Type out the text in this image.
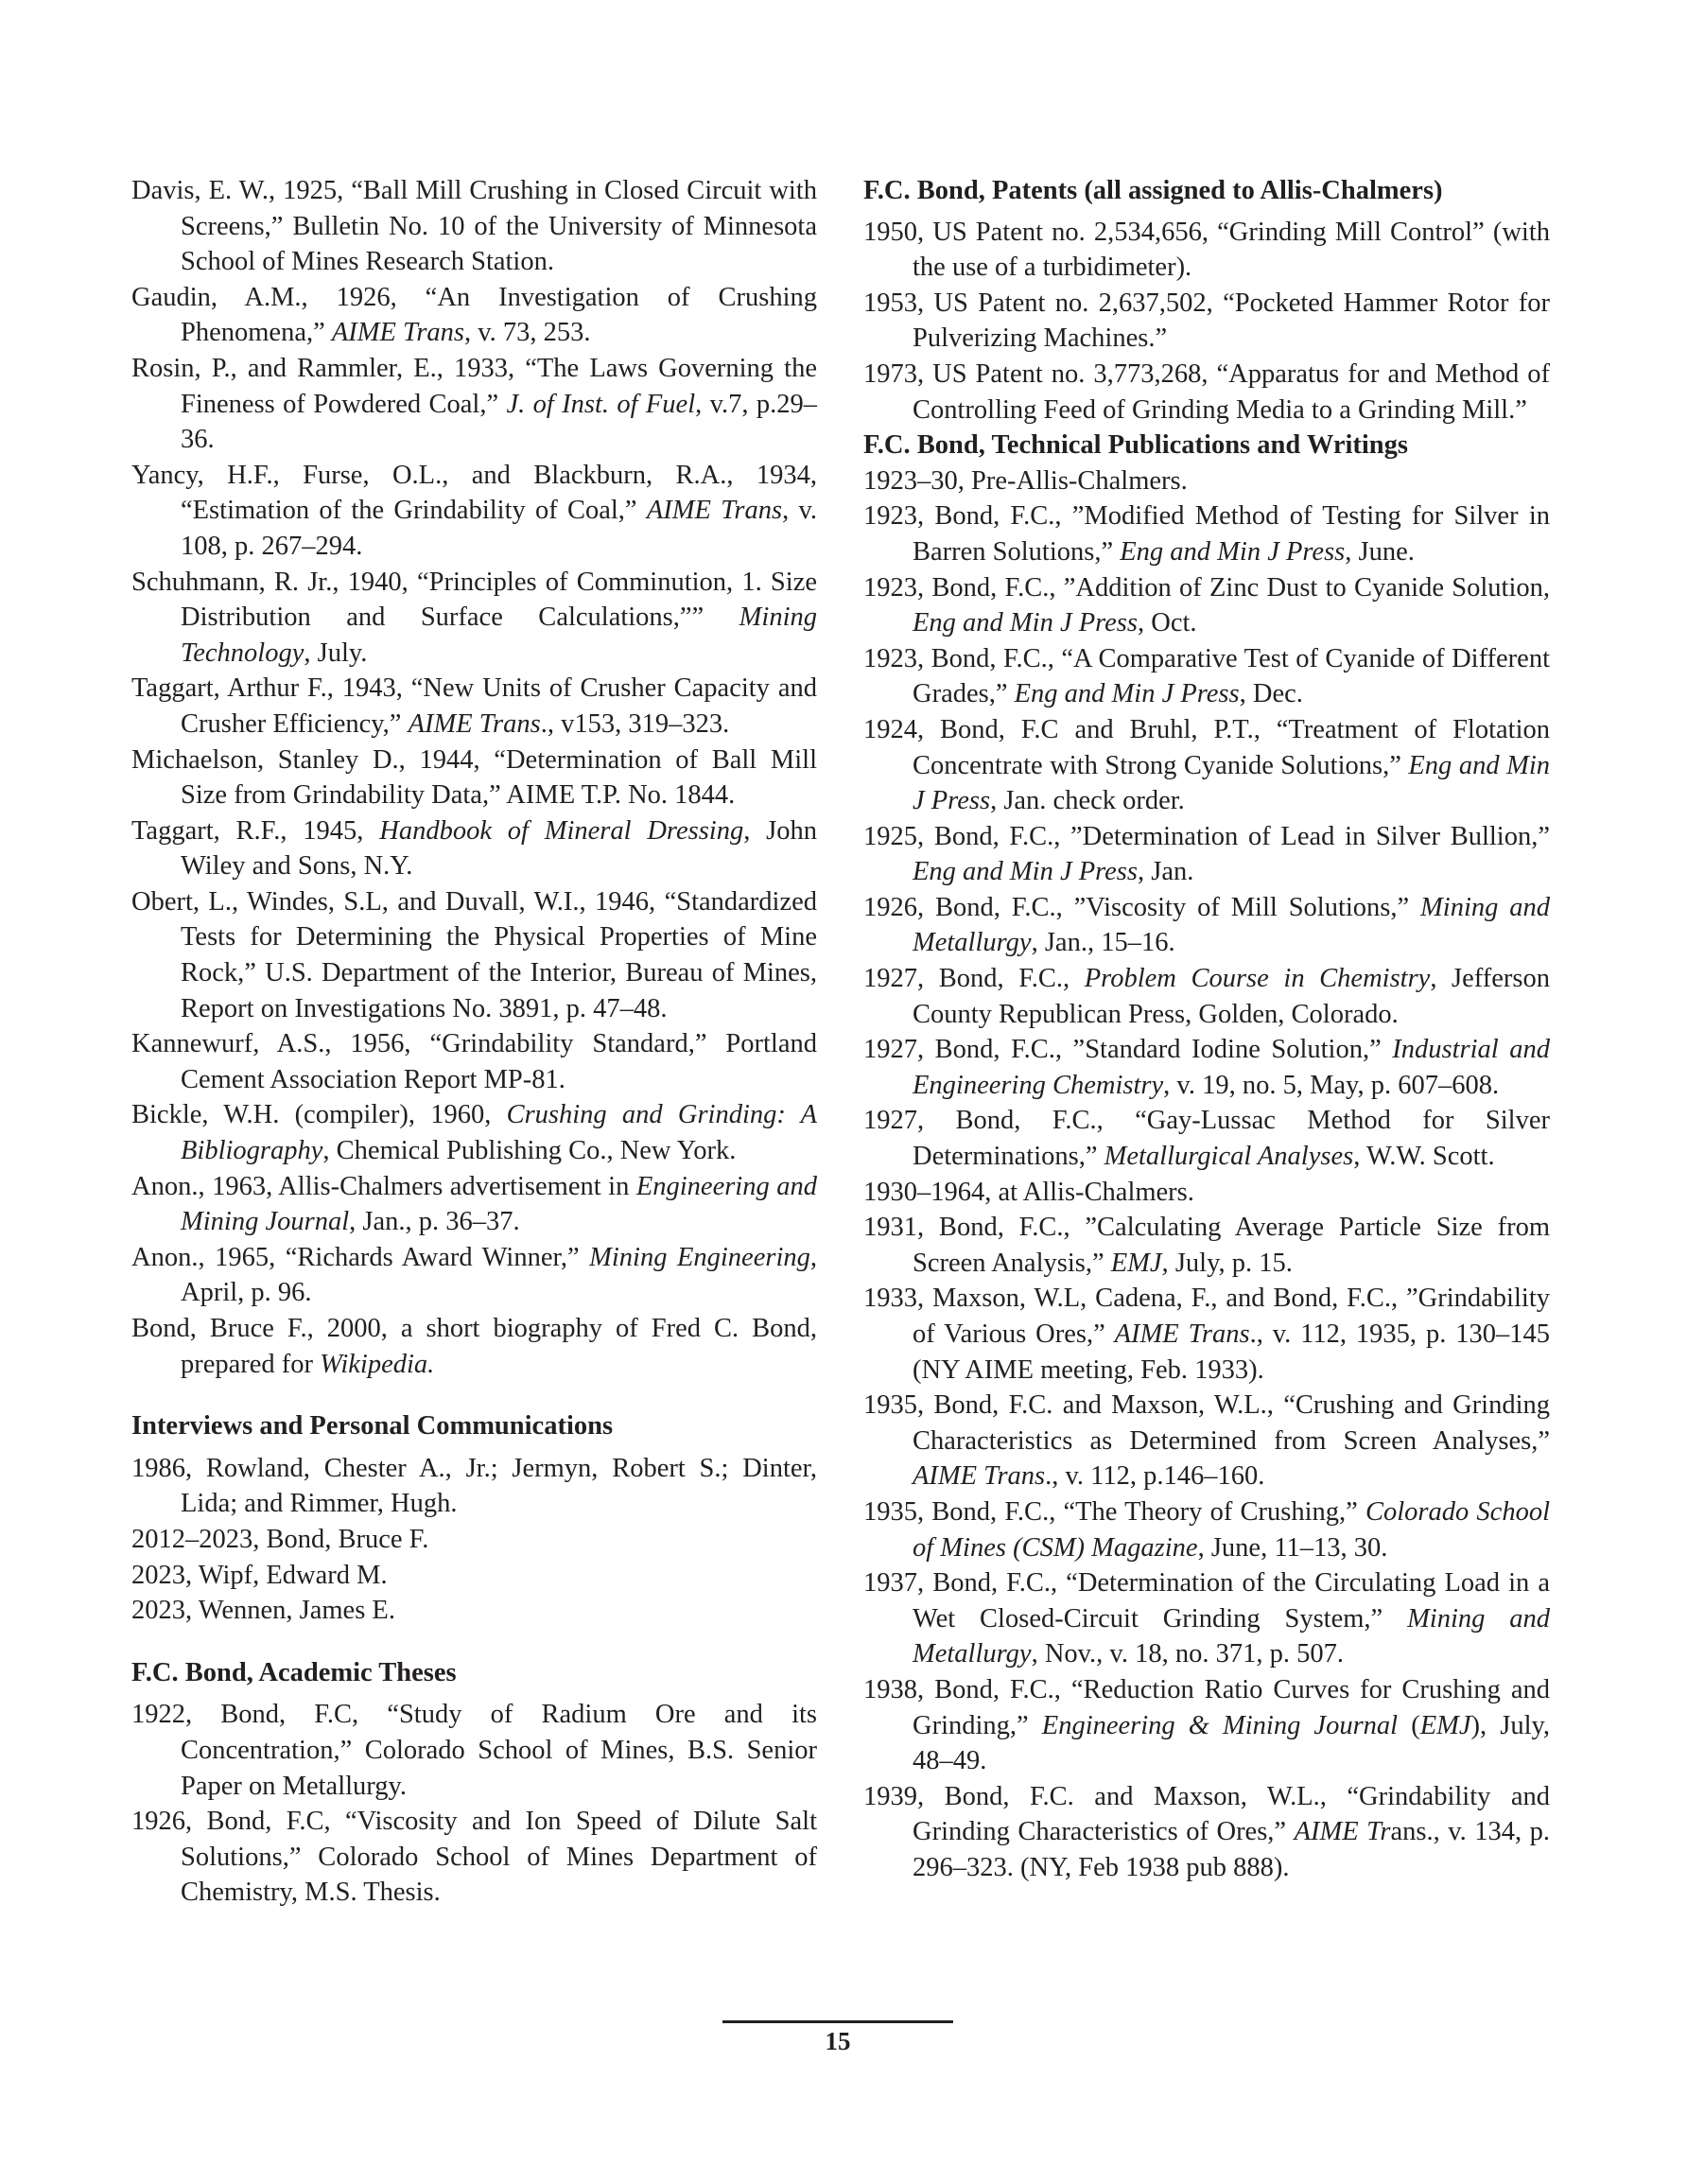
Davis, E. W., 1925, “Ball Mill Crushing in Closed Circuit with Screens,” Bulletin No. 10 of the University of Minnesota School of Mines Research Station.

Gaudin, A.M., 1926, “An Investigation of Crushing Phenomena,” AIME Trans, v. 73, 253.

Rosin, P., and Rammler, E., 1933, “The Laws Governing the Fineness of Powdered Coal,” J. of Inst. of Fuel, v.7, p.29–36.

Yancy, H.F., Furse, O.L., and Blackburn, R.A., 1934, “Estimation of the Grindability of Coal,” AIME Trans, v. 108, p. 267–294.

Schuhmann, R. Jr., 1940, “Principles of Comminution, 1. Size Distribution and Surface Calculations,”” Mining Technology, July.

Taggart, Arthur F., 1943, “New Units of Crusher Capacity and Crusher Efficiency,” AIME Trans., v153, 319–323.

Michaelson, Stanley D., 1944, “Determination of Ball Mill Size from Grindability Data,” AIME T.P. No. 1844.

Taggart, R.F., 1945, Handbook of Mineral Dressing, John Wiley and Sons, N.Y.

Obert, L., Windes, S.L, and Duvall, W.I., 1946, “Standardized Tests for Determining the Physical Properties of Mine Rock,” U.S. Department of the Interior, Bureau of Mines, Report on Investigations No. 3891, p. 47–48.

Kannewurf, A.S., 1956, “Grindability Standard,” Portland Cement Association Report MP-81.

Bickle, W.H. (compiler), 1960, Crushing and Grinding: A Bibliography, Chemical Publishing Co., New York.

Anon., 1963, Allis-Chalmers advertisement in Engineering and Mining Journal, Jan., p. 36–37.

Anon., 1965, “Richards Award Winner,” Mining Engineering, April, p. 96.

Bond, Bruce F., 2000, a short biography of Fred C. Bond, prepared for Wikipedia.

Interviews and Personal Communications

1986, Rowland, Chester A., Jr.; Jermyn, Robert S.; Dinter, Lida; and Rimmer, Hugh.

2012–2023, Bond, Bruce F.

2023, Wipf, Edward M.

2023, Wennen, James E.

F.C. Bond, Academic Theses

1922, Bond, F.C, “Study of Radium Ore and its Concentration,” Colorado School of Mines, B.S. Senior Paper on Metallurgy.

1926, Bond, F.C, “Viscosity and Ion Speed of Dilute Salt Solutions,” Colorado School of Mines Department of Chemistry, M.S. Thesis.

F.C. Bond, Patents (all assigned to Allis-Chalmers)

1950, US Patent no. 2,534,656, “Grinding Mill Control” (with the use of a turbidimeter).

1953, US Patent no. 2,637,502, “Pocketed Hammer Rotor for Pulverizing Machines.”

1973, US Patent no. 3,773,268, “Apparatus for and Method of Controlling Feed of Grinding Media to a Grinding Mill.”

F.C. Bond, Technical Publications and Writings

1923–30, Pre-Allis-Chalmers.

1923, Bond, F.C., ”Modified Method of Testing for Silver in Barren Solutions,” Eng and Min J Press, June.

1923, Bond, F.C., ”Addition of Zinc Dust to Cyanide Solution, Eng and Min J Press, Oct.

1923, Bond, F.C., “A Comparative Test of Cyanide of Different Grades,” Eng and Min J Press, Dec.

1924, Bond, F.C and Bruhl, P.T., “Treatment of Flotation Concentrate with Strong Cyanide Solutions,” Eng and Min J Press, Jan. check order.

1925, Bond, F.C., ”Determination of Lead in Silver Bullion,” Eng and Min J Press, Jan.

1926, Bond, F.C., ”Viscosity of Mill Solutions,” Mining and Metallurgy, Jan., 15–16.

1927, Bond, F.C., Problem Course in Chemistry, Jefferson County Republican Press, Golden, Colorado.

1927, Bond, F.C., ”Standard Iodine Solution,” Industrial and Engineering Chemistry, v. 19, no. 5, May, p. 607–608.

1927, Bond, F.C., “Gay-Lussac Method for Silver Determinations,” Metallurgical Analyses, W.W. Scott.

1930–1964, at Allis-Chalmers.

1931, Bond, F.C., ”Calculating Average Particle Size from Screen Analysis,” EMJ, July, p. 15.

1933, Maxson, W.L, Cadena, F., and Bond, F.C., ”Grindability of Various Ores,” AIME Trans., v. 112, 1935, p. 130–145 (NY AIME meeting, Feb. 1933).

1935, Bond, F.C. and Maxson, W.L., “Crushing and Grinding Characteristics as Determined from Screen Analyses,” AIME Trans., v. 112, p.146–160.

1935, Bond, F.C., “The Theory of Crushing,” Colorado School of Mines (CSM) Magazine, June, 11–13, 30.

1937, Bond, F.C., “Determination of the Circulating Load in a Wet Closed-Circuit Grinding System,” Mining and Metallurgy, Nov., v. 18, no. 371, p. 507.

1938, Bond, F.C., “Reduction Ratio Curves for Crushing and Grinding,” Engineering & Mining Journal (EMJ), July, 48–49.

1939, Bond, F.C. and Maxson, W.L., “Grindability and Grinding Characteristics of Ores,” AIME Trans., v. 134, p. 296–323. (NY, Feb 1938 pub 888).

15
